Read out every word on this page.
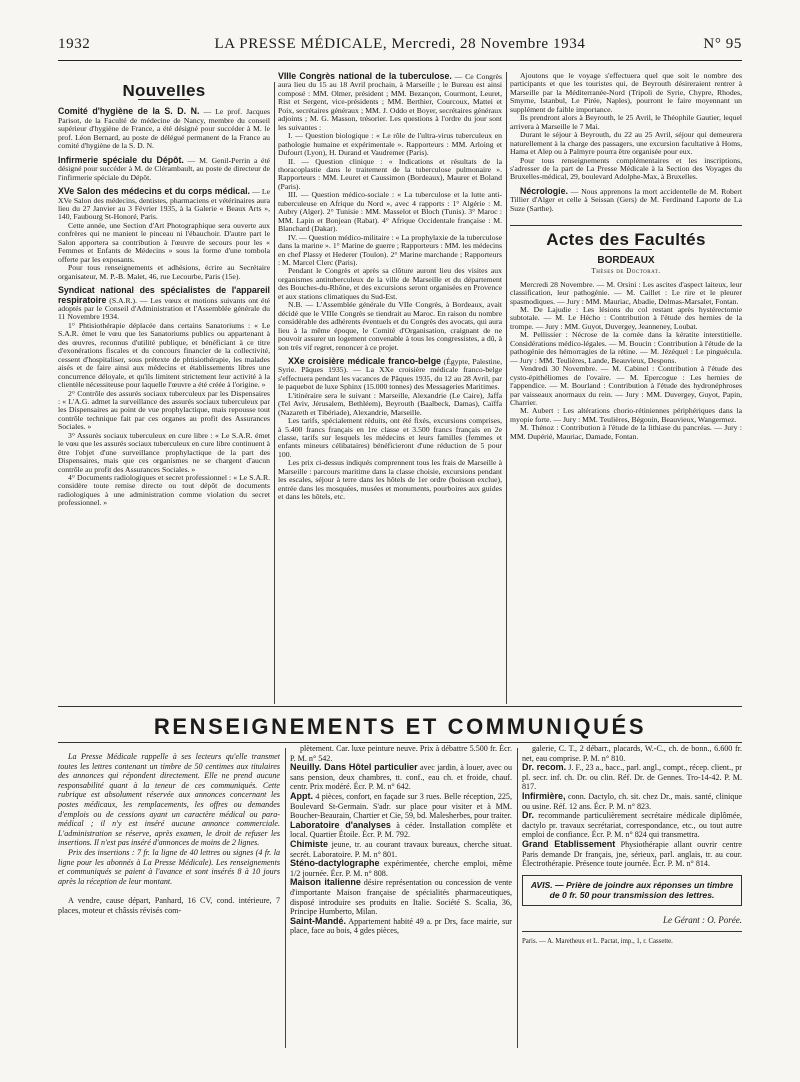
1932	LA PRESSE MÉDICALE, Mercredi, 28 Novembre 1934	N° 95
Nouvelles

Comité d'hygiène de la S. D. N. — Le prof. Jacques Parisot, de la Faculté de médecine de Nancy, membre du conseil supérieur d'hygiène de France, a été désigné pour succéder à M. le prof. Léon Bernard, au poste de délégué permanent de la France au comité d'hygiène de la S. D. N.

Infirmerie spéciale du Dépôt. — M. Genil-Perrin a été désigné pour succéder à M. de Clérambault, au poste de directeur de l'infirmerie spéciale du Dépôt.

XVe Salon des médecins et du corps médical. — Le XVe Salon des médecins, dentistes, pharmaciens et vétérinaires aura lieu du 27 Janvier au 3 Février 1935, à la Galerie « Beaux Arts », 140, Faubourg St-Honoré, Paris.

Cette année, une Section d'Art Photographique sera ouverte aux confrères qui ne manient le pinceau ni l'ébauchoir. D'autre part le Salon apportera sa contribution à l'œuvre de secours pour les « Femmes et Enfants de Médecins » sous la forme d'une tombola offerte par les exposants.

Pour tous renseignements et adhésions, écrire au Secrétaire organisateur, M. P.-B. Malet, 46, rue Lecourbe, Paris (15e).

Syndicat national des spécialistes de l'appareil respiratoire (S.A.R.). — Les vœux et motions suivants ont été adoptés par le Conseil d'Administration et l'Assemblée générale du 11 Novembre 1934.

1° Phtisiothérapie déplacée dans certains Sanatoriums : « Le S.A.R. émet le vœu que les Sanatoriums publics ou appartenant à des œuvres, reconnus d'utilité publique, et bénéficiant à ce titre d'exonérations fiscales et du concours financier de la collectivité, cessent d'hospitaliser, sous prétexte de phtisiothérapie, les malades aisés et de faire ainsi aux médecins et établissements libres une concurrence déloyale, et qu'ils limitent strictement leur activité à la clientèle nécessiteuse pour laquelle l'œuvre a été créée à l'origine. »

2° Contrôle des assurés sociaux tuberculeux par les Dispensaires : « L'A.G. admet la surveillance des assurés sociaux tuberculeux par les Dispensaires au point de vue prophylactique, mais repousse tout contrôle technique fait par ces organes au profit des Assurances Sociales. »

3° Assurés sociaux tuberculeux en cure libre : « Le S.A.R. émet le vœu que les assurés sociaux tuberculeux en cure libre continuent à être l'objet d'une surveillance prophylactique de la part des Dispensaires, mais que ces organismes ne se chargent d'aucun contrôle au profit des Assurances Sociales. »

4° Documents radiologiques et secret professionnel : « Le S.A.R. considère toute remise directe ou tout dépôt de documents radiologiques à une administration comme violation du secret professionnel. »

VIIIe Congrès national de la tuberculose. — Ce Congrès aura lieu du 15 au 18 Avril prochain, à Marseille ; le Bureau est ainsi composé : MM. Olmer, président ; MM. Bezançon, Courmont, Leuret, Rist et Sergent, vice-présidents ; MM. Berthier, Courcoux, Mattei et Poix, secrétaires généraux ; MM. J. Oddo et Boyer, secrétaires généraux adjoints ; M. G. Masson, trésorier. Les questions à l'ordre du jour sont les suivantes :

I. — Question biologique : « Le rôle de l'ultra-virus tuberculeux en pathologie humaine et expérimentale ». Rapporteurs : MM. Arloing et Dufourt (Lyon), H. Durand et Vaudremer (Paris).

II. — Question clinique : « Indications et résultats de la thoracoplastie dans le traitement de la tuberculose pulmonaire ». Rapporteurs : MM. Leuret et Caussimon (Bordeaux), Maurer et Boland (Paris).

III. — Question médico-sociale : « La tuberculose et la lutte anti-tuberculeuse en Afrique du Nord », avec 4 rapports : 1° Algérie : M. Aubry (Alger). 2° Tunisie : MM. Masselot et Bloch (Tunis). 3° Maroc : MM. Lapin et Bonjean (Rabat). 4° Afrique Occidentale française : M. Blanchard (Dakar).

IV. — Question médico-militaire : « La prophylaxie de la tuberculose dans la marine ». 1° Marine de guerre ; Rapporteurs : MM. les médecins en chef Plassy et Hederer (Toulon). 2° Marine marchande ; Rapporteurs : M. Marcel Clerc (Paris).

Pendant le Congrès et après sa clôture auront lieu des visites aux organismes antituberculeux de la ville de Marseille et du département des Bouches-du-Rhône, et des excursions seront organisées en Provence et aux stations climatiques du Sud-Est.

N.B. — L'Assemblée générale du VIIe Congrès, à Bordeaux, avait décidé que le VIIIe Congrès se tiendrait au Maroc. En raison du nombre considérable des adhérents éventuels et du Congrès des avocats, qui aura lieu à la même époque, le Comité d'Organisation, craignant de ne pouvoir assurer un logement convenable à tous les congressistes, a dû, à son très vif regret, renoncer à ce projet.

XXe croisière médicale franco-belge (Égypte, Palestine, Syrie. Pâques 1935). — La XXe croisière médicale franco-belge s'effectuera pendant les vacances de Pâques 1935, du 12 au 28 Avril, par le paquebot de luxe Sphinx (15.000 tonnes) des Messageries Maritimes.

L'itinéraire sera le suivant : Marseille, Alexandrie (Le Caire), Jaffa (Tel Aviv, Jérusalem, Bethléem), Beyrouth (Baalbeck, Damas), Caïffa (Nazareth et Tibériade), Alexandrie, Marseille.

Les tarifs, spécialement réduits, ont été fixés, excursions comprises, à 5.400 francs français en 1re classe et 3.500 francs français en 2e classe, tarifs sur lesquels les médecins et leurs familles (femmes et enfants mineurs célibataires) bénéficieront d'une réduction de 5 pour 100.

Les prix ci-dessus indiqués comprennent tous les frais de Marseille à Marseille : parcours maritime dans la classe choisie, excursions pendant les escales, séjour à terre dans les hôtels de 1er ordre (boisson exclue), entrée dans les mosquées, musées et monuments, pourboires aux guides et dans les hôtels, etc.

Ajoutons que le voyage s'effectuera quel que soit le nombre des participants et que les touristes qui, de Beyrouth désireraient rentrer à Marseille par la Méditerranée-Nord (Tripoli de Syrie, Chypre, Rhodes, Smyrne, Istanbul, Le Pirée, Naples), pourront le faire moyennant un supplément de faible importance.

Ils prendront alors à Beyrouth, le 25 Avril, le Théophile Gautier, lequel arrivera à Marseille le 7 Mai.

Durant le séjour à Beyrouth, du 22 au 25 Avril, séjour qui demeurera naturellement à la charge des passagers, une excursion facultative à Homs, Hama et Alep ou à Palmyre pourra être organisée pour eux.

Pour tous renseignements complémentaires et les inscriptions, s'adresser de la part de La Presse Médicale à la Section des Voyages du Bruxelles-médical, 29, boulevard Adolphe-Max, à Bruxelles.

Nécrologie. — Nous apprenons la mort accidentelle de M. Robert Tillier d'Alger et celle à Seissan (Gers) de M. Ferdinand Laporte de La Suze (Sarthe).

Actes des Facultés
BORDEAUX
Thèses de Doctorat.

Mercredi 28 Novembre. — M. Orsini : Les ascites d'aspect laiteux, leur classification, leur pathogénie. — M. Caillet : Le rire et le pleurer spasmodiques. — Jury : MM. Mauriac, Abadie, Delmas-Marsalet, Fontan.

M. De Lajudie : Les lésions du col restant après hystérectomie subtotale. — M. Le Hécho : Contribution à l'étude des hernies de la trompe. — Jury : MM. Guyot, Duvergey, Jeanneney, Loubat.

M. Pellissier : Nécrose de la cornée dans la kératite interstitielle. Considérations médico-légales. — M. Boucin : Contribution à l'étude de la pathogénie des hémorragies de la rétine. — M. Jézéquel : Le pinguécula. — Jury : MM. Teulières, Lande, Beauvieux, Despons.

Vendredi 30 Novembre. — M. Cabinel : Contribution à l'étude des cysto-épithéliomes de l'ovaire. — M. Epercogue : Les hernies de l'appendice. — M. Bourland : Contribution à l'étude des hydronéphroses par vaisseaux anormaux du rein. — Jury : MM. Duvergey, Guyot, Papin, Charrier.

M. Aubert : Les altérations chorio-rétiniennes périphériques dans la myopie forte. — Jury : MM. Teulières, Bégouin, Beauvieux, Wangermez.

M. Thénoz : Contribution à l'étude de la lithiase du pancréas. — Jury : MM. Dupérié, Mauriac, Damade, Fontan.

RENSEIGNEMENTS ET COMMUNIQUÉS

La Presse Médicale rappelle à ses lecteurs qu'elle transmet toutes les lettres contenant un timbre de 50 centimes aux titulaires des annonces qui répondent directement. Elle ne prend aucune responsabilité quant à la teneur de ces communiqués. Cette rubrique est absolument réservée aux annonces concernant les postes médicaux, les remplacements, les offres ou demandes d'emplois ou de cessions ayant un caractère médical ou para-médical ; il n'y est inséré aucune annonce commerciale. L'administration se réserve, après examen, le droit de refuser les insertions. Il n'est pas inséré d'annonces de moins de 2 lignes.

Prix des insertions : 7 fr. la ligne de 40 lettres ou signes (4 fr. la ligne pour les abonnés à La Presse Médicale). Les renseignements et communiqués se paient à l'avance et sont insérés 8 à 10 jours après la réception de leur montant.

A vendre, cause départ, Panhard, 16 CV, cond. intérieure, 7 places, moteur et châssis révisés com-

plètement. Car. luxe peinture neuve. Prix à débattre 5.500 fr. Écr. P. M. n° 542.

Neuilly. Dans Hôtel particulier avec jardin, à louer, avec ou sans pension, deux chambres, tt. conf., eau ch. et froide, chauf. centr. Prix modéré. Écr. P. M. n° 642.

Appt. 4 pièces, confort, en façade sur 3 rues. Belle réception, 225, Boulevard St-Germain. S'adr. sur place pour visiter et à MM. Boucher-Beaurain, Chartier et Cie, 59, bd. Malesherbes, pour traiter.

Laboratoire d'analyses à céder. Installation complète et local. Quartier Étoile. Écr. P. M. 792.

Chimiste jeune, tr. au courant travaux bureaux, cherche situat. secrét. Laboratoire. P. M. n° 801.

Sténo-dactylographe expérimentée, cherche emploi, même 1/2 journée. Écr. P. M. n° 808.

Maison italienne désire représentation ou concession de vente d'importante Maison française de spécialités pharmaceutiques, disposé introduire ses produits en Italie. Société S. Scalia, 36, Principe Humberto, Milan.

Saint-Mandé. Appartement habité 49 a. pr Drs, face mairie, sur place, face au bois, 4 gdes pièces,

galerie, C. T., 2 débarr., placards, W.-C., ch. de bonn., 6.600 fr. net, eau comprise. P. M. n° 810.

Dr. recom. J. F., 23 a., bacc., parl. angl., compt., récep. client., pr pl. secr. inf. ch. Dr. ou clin. Réf. Dr. de Gennes. Tro-14-42. P. M. 817.

Infirmière, conn. Dactylo, ch. sit. chez Dr., mais. santé, clinique ou usine. Réf. 12 ans. Écr. P. M. n° 823.

Dr. recommande particulièrement secrétaire médicale diplômée, dactylo pr. travaux secrétariat, correspondance, etc., ou tout autre emploi de confiance. Écr. P. M. n° 824 qui transmettra.

Grand Etablissement Physiothérapie allant ouvrir centre Paris demande Dr français, jne, sérieux, parl. anglais, tr. au cour. Électrothérapie. Présence toute journée. Écr. P. M. n° 814.

AVIS. — Prière de joindre aux réponses un timbre de 0 fr. 50 pour transmission des lettres.
Le Gérant : O. Porée.
Paris. — A. Maretheux et L. Pactat, imp., 1, r. Cassette.
